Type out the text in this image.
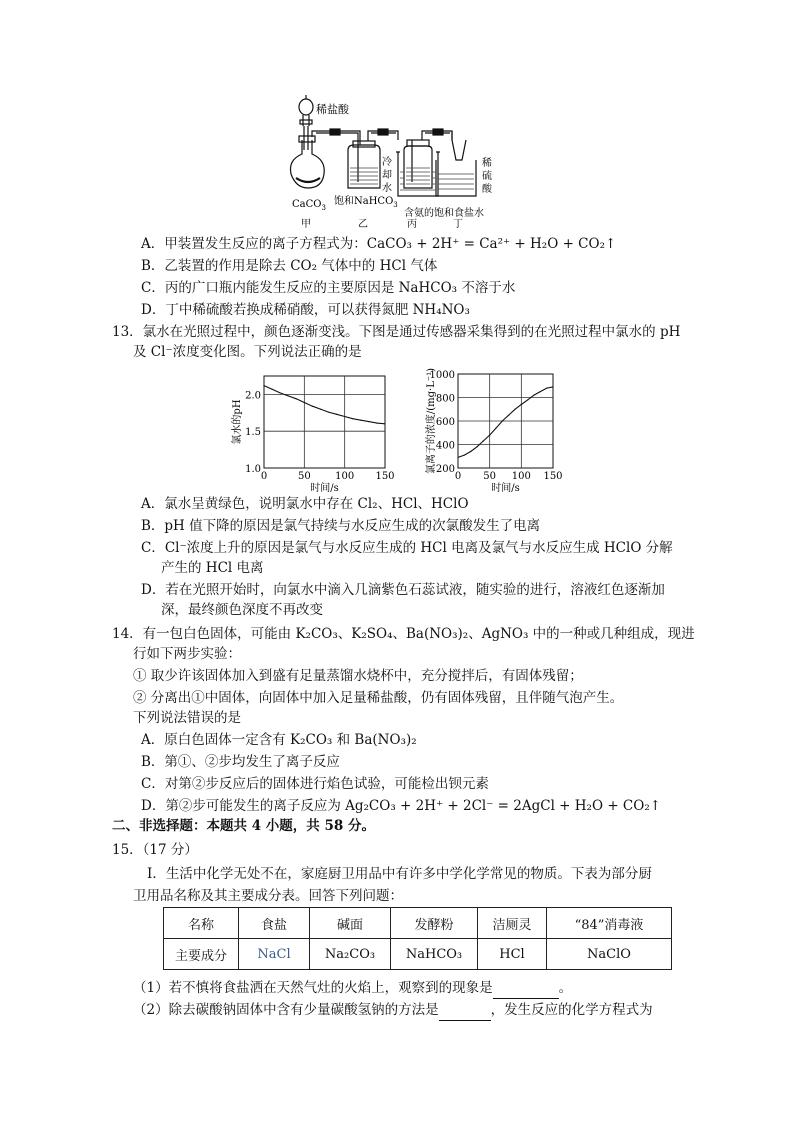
稀盐酸
CaCO$_3$
饱和NaHCO$_3$
冷却水
含氨的饱和食盐水
稀硫酸
甲	乙	丙	丁
A．甲装置发生反应的离子方程式为：CaCO₃ + 2H⁺ = Ca²⁺ + H₂O + CO₂↑
B．乙装置的作用是除去 CO₂ 气体中的 HCl 气体
C．丙的广口瓶内能发生反应的主要原因是 NaHCO₃ 不溶于水
D．丁中稀硫酸若换成稀硝酸，可以获得氮肥 NH₄NO₃
13．氯水在光照过程中，颜色逐渐变浅。下图是通过传感器采集得到的在光照过程中氯水的 pH
及 Cl⁻浓度变化图。下列说法正确的是
0	50 100 150
1.0
1.5
2.0
时间/s
氯水的pH
0 50 100 150
200
400
600
800
1000
时间/s
氯离子的浓度/(mg·L⁻¹)
A．氯水呈黄绿色，说明氯水中存在 Cl₂、HCl、HClO
B．pH 值下降的原因是氯气持续与水反应生成的次氯酸发生了电离
C．Cl⁻浓度上升的原因是氯气与水反应生成的 HCl 电离及氯气与水反应生成 HClO 分解
产生的 HCl 电离
D．若在光照开始时，向氯水中滴入几滴紫色石蕊试液，随实验的进行，溶液红色逐渐加
深，最终颜色深度不再改变
14．有一包白色固体，可能由 K₂CO₃、K₂SO₄、Ba(NO₃)₂、AgNO₃ 中的一种或几种组成，现进
行如下两步实验：
① 取少许该固体加入到盛有足量蒸馏水烧杯中，充分搅拌后，有固体残留；
② 分离出①中固体，向固体中加入足量稀盐酸，仍有固体残留，且伴随气泡产生。
下列说法错误的是
A．原白色固体一定含有 K₂CO₃ 和 Ba(NO₃)₂
B．第①、②步均发生了离子反应
C．对第②步反应后的固体进行焰色试验，可能检出钡元素
D．第②步可能发生的离子反应为 Ag₂CO₃ + 2H⁺ + 2Cl⁻ = 2AgCl + H₂O + CO₂↑
二、非选择题：本题共 4 小题，共 58 分。
15．（17 分）
Ⅰ．生活中化学无处不在，家庭厨卫用品中有许多中学化学常见的物质。下表为部分厨
卫用品名称及其主要成分表。回答下列问题：
名称	食盐	碱面	发酵粉	洁厕灵	“84”消毒液
主要成分	NaCl	Na₂CO₃	NaHCO₃	HCl	NaClO
（1）若不慎将食盐洒在天然气灶的火焰上，观察到的现象是	。
（2）除去碳酸钠固体中含有少量碳酸氢钠的方法是	，发生反应的化学方程式为
